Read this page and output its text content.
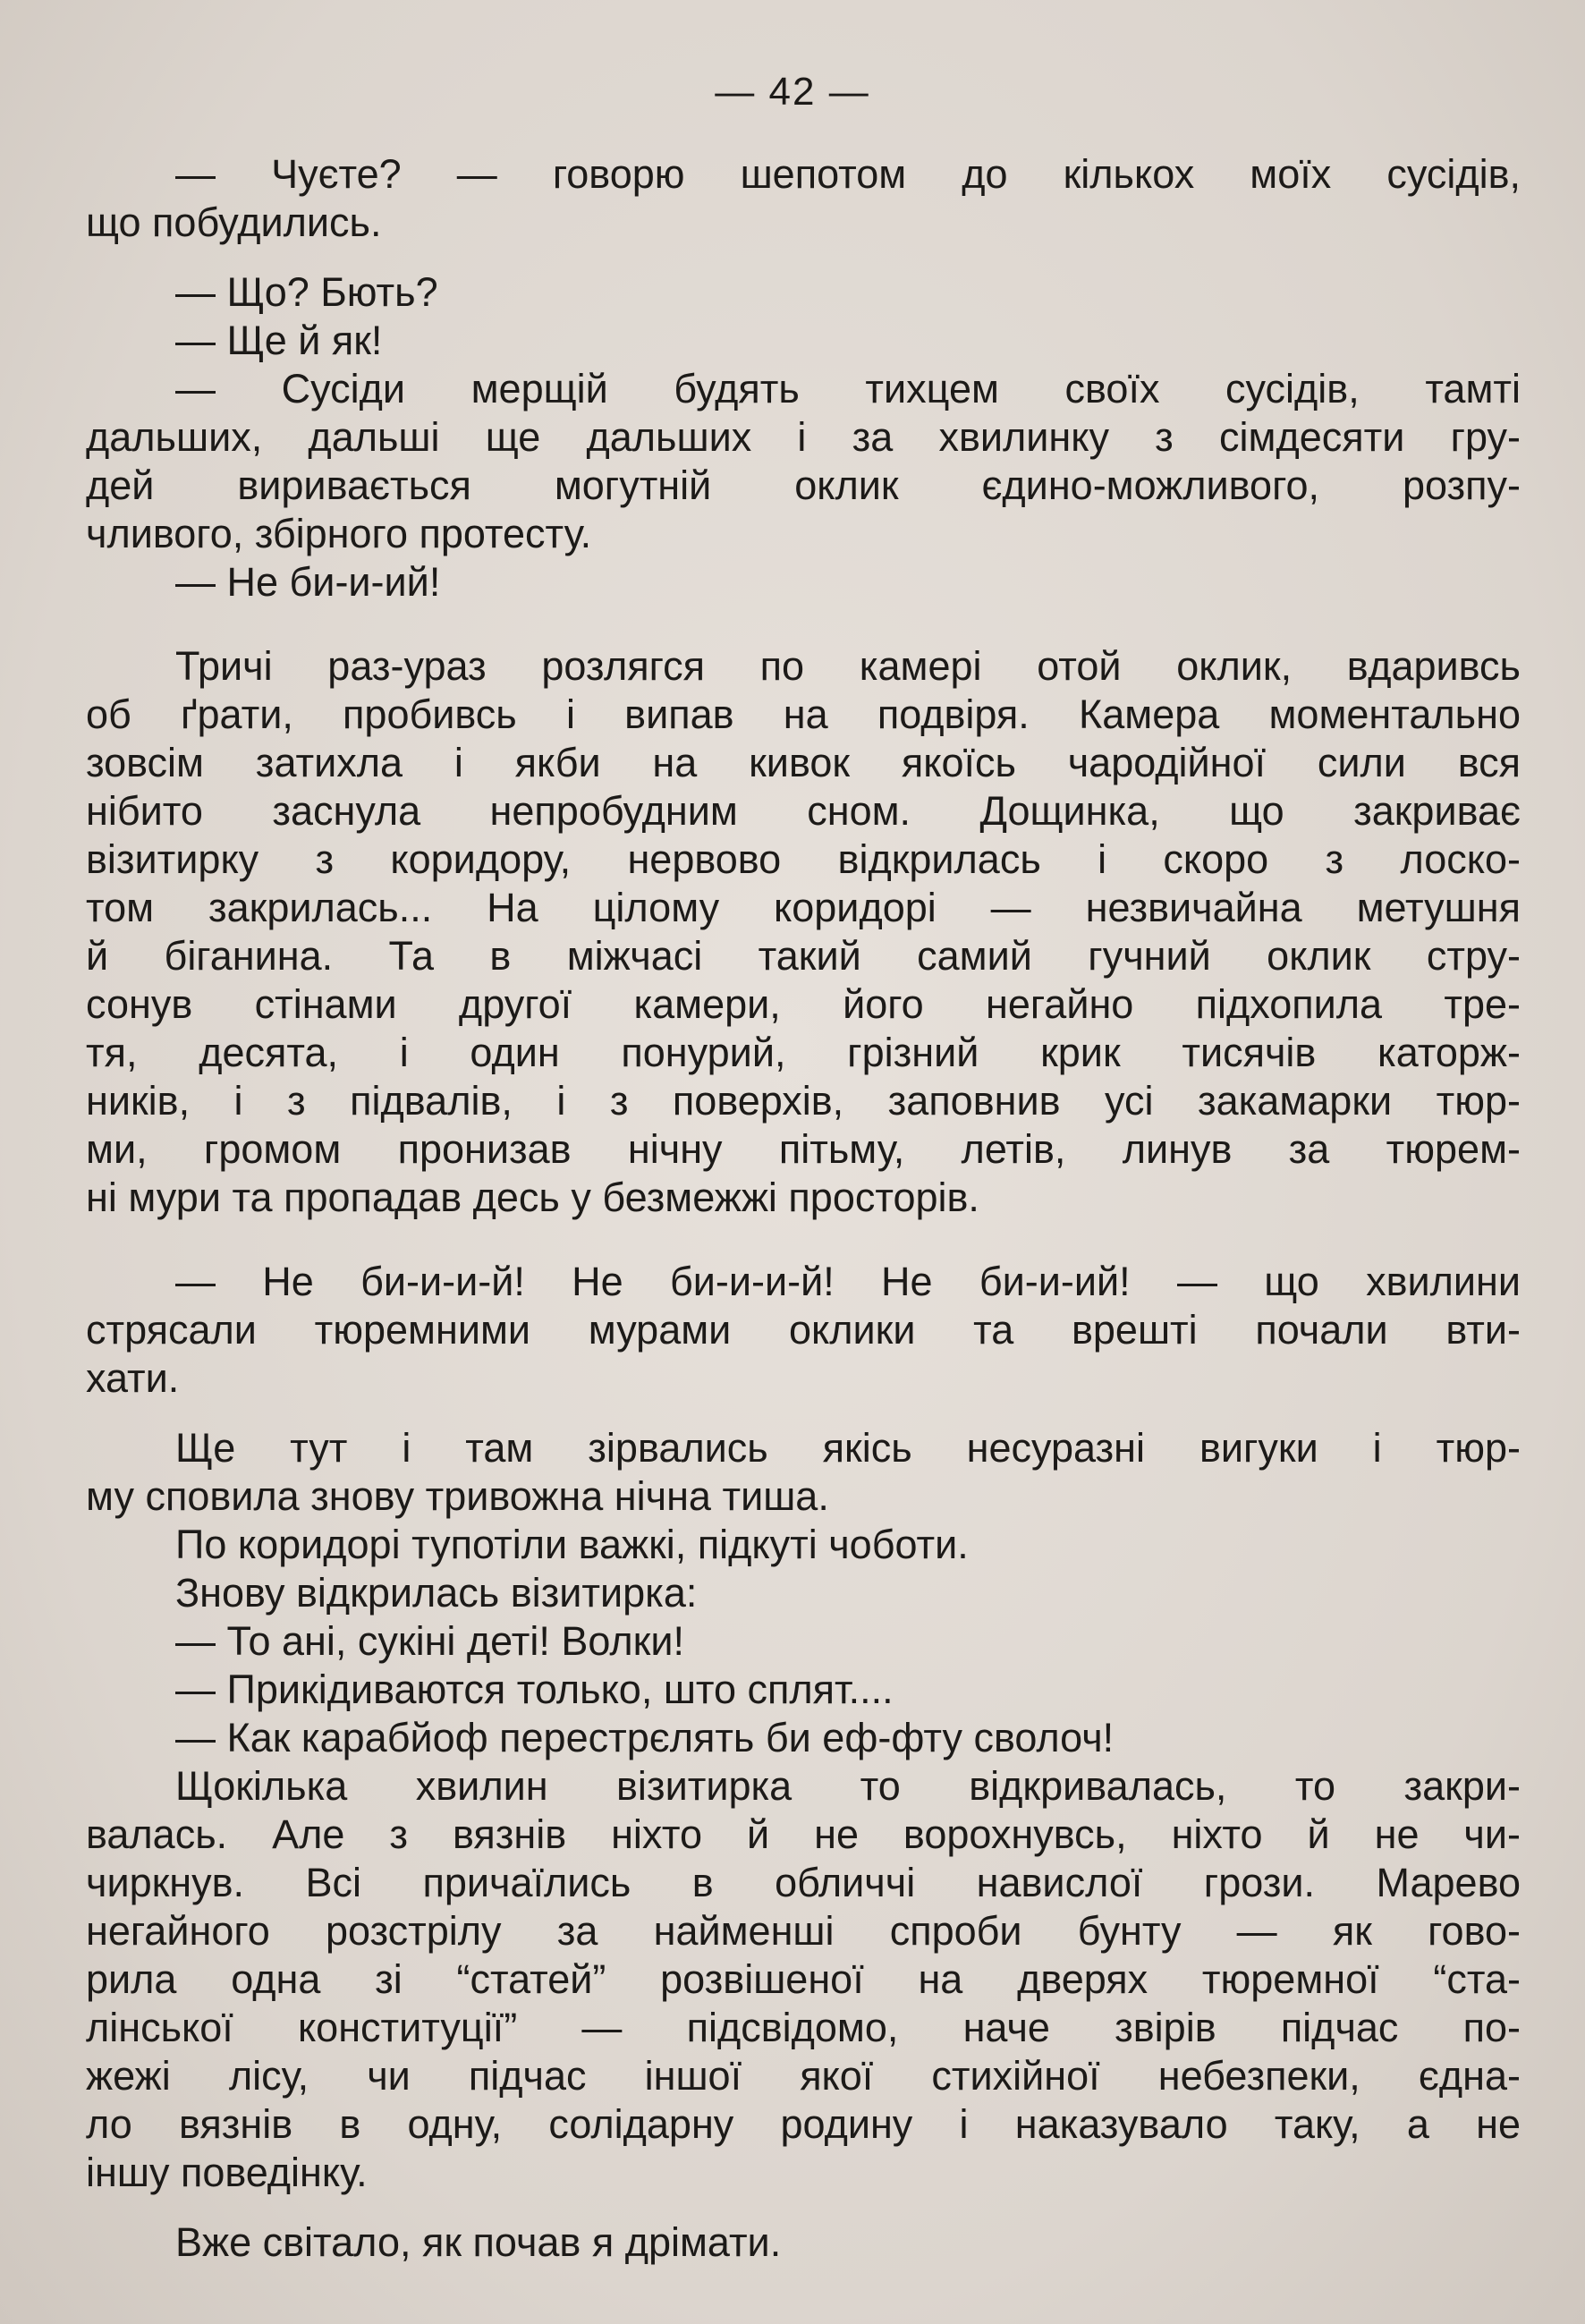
— 42 —
— Чуєте? — говорю шепотом до кількох моїх сусідів,
що побудились.
— Що? Бють?
— Ще й як!
— Сусіди мерщій будять тихцем своїх сусідів, тамті
дальших, дальші ще дальших і за хвилинку з сімдесяти гру-
дей виривається могутній оклик єдино-можливого, розпу-
чливого, збірного протесту.
— Не би-и-ий!
Тричі раз-ураз розлягся по камері отой оклик, вдаривсь
об ґрати, пробивсь і випав на подвіря. Камера моментально
зовсім затихла і якби на кивок якоїсь чародійної сили вся
нібито заснула непробудним сном. Дощинка, що закриває
візитирку з коридору, нервово відкрилась і скоро з лоско-
том закрилась... На цілому коридорі — незвичайна метушня
й біганина. Та в міжчасі такий самий гучний оклик стру-
сонув стінами другої камери, його негайно підхопила тре-
тя, десята, і один понурий, грізний крик тисячів каторж-
ників, і з підвалів, і з поверхів, заповнив усі закамарки тюр-
ми, громом пронизав нічну пітьму, летів, линув за тюрем-
ні мури та пропадав десь у безмежжі просторів.
— Не би-и-и-й! Не би-и-и-й! Не би-и-ий! — що хвилини
стрясали тюремними мурами оклики та врешті почали вти-
хати.
Ще тут і там зірвались якісь несуразні вигуки і тюр-
му сповила знову тривожна нічна тиша.
По коридорі тупотіли важкі, підкуті чоботи.
Знову відкрилась візитирка:
— То ані, сукіні деті! Волки!
— Прикідиваются только, што сплят....
— Как карабйоф перестрєлять би еф-фту сволоч!
Щокілька хвилин візитирка то відкривалась, то закри-
валась. Але з вязнів ніхто й не ворохнувсь, ніхто й не чи-
чиркнув. Всі причаїлись в обличчі навислої грози. Марево
негайного розстрілу за найменші спроби бунту — як гово-
рила одна зі “статей” розвішеної на дверях тюремної “ста-
лінської конституції” — підсвідомо, наче звірів підчас по-
жежі лісу, чи підчас іншої якої стихійної небезпеки, єдна-
ло вязнів в одну, солідарну родину і наказувало таку, а не
іншу поведінку.
Вже світало, як почав я дрімати.
